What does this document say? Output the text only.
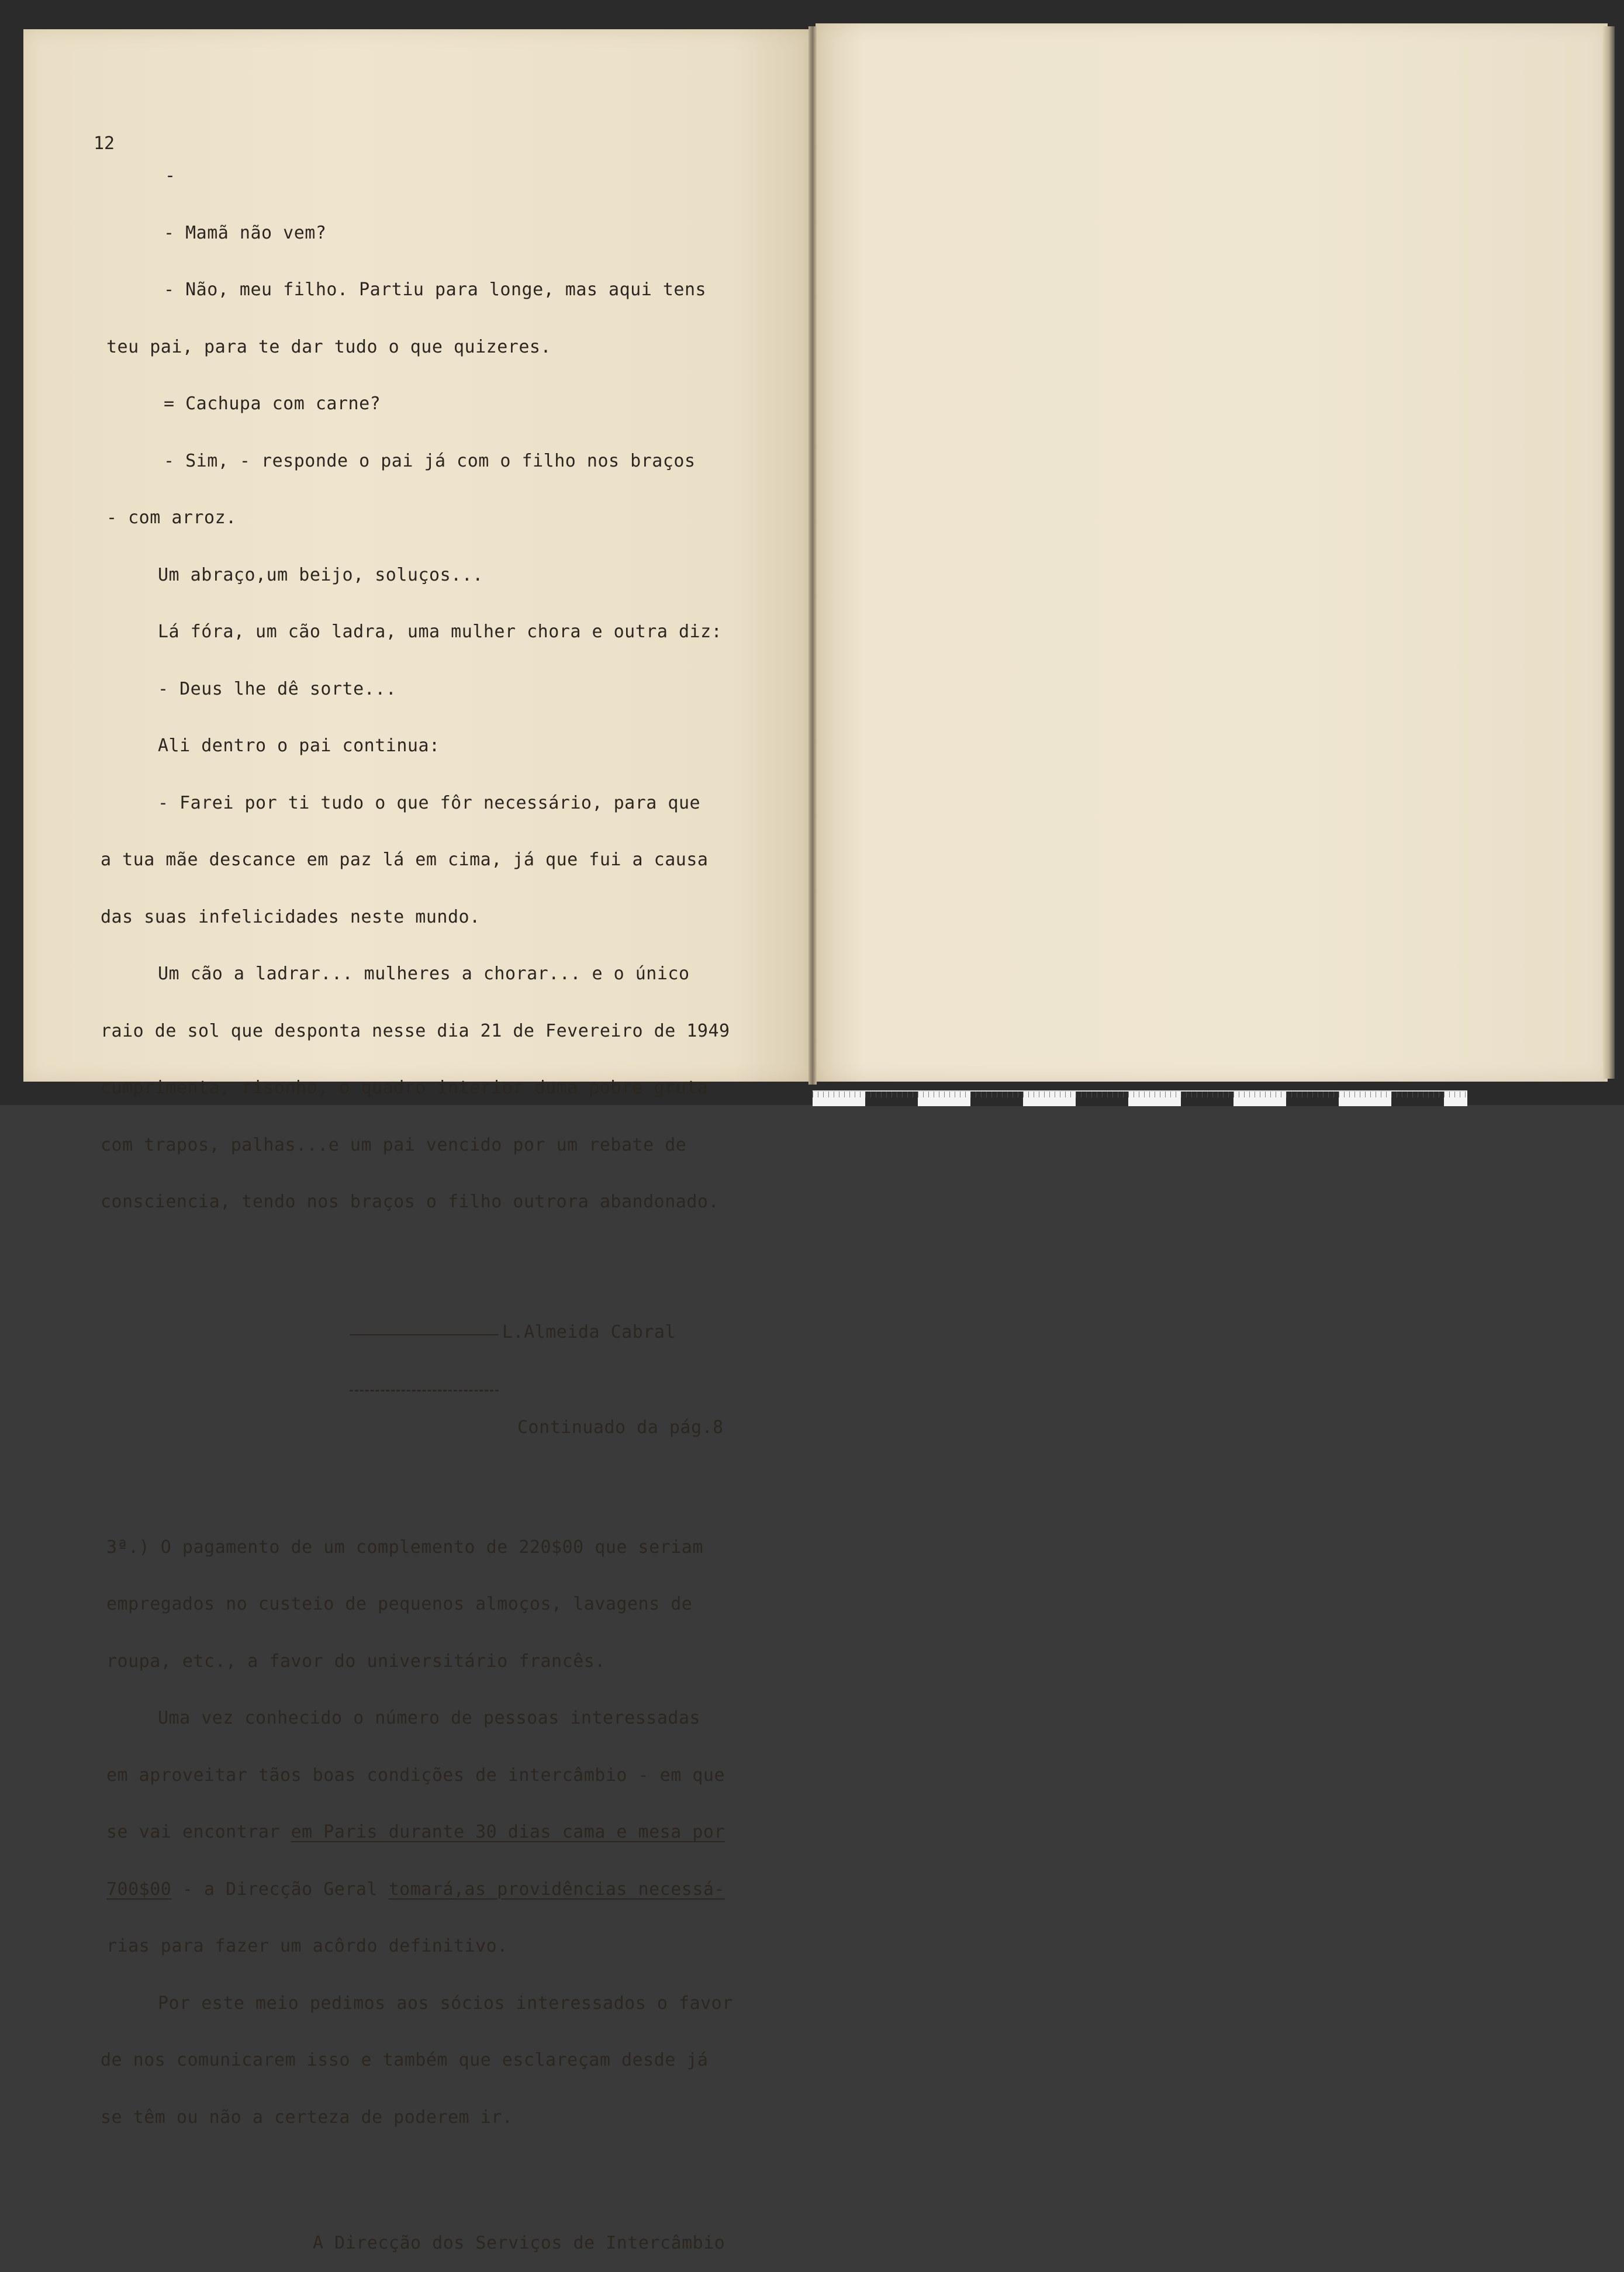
12

-

- Mamã não vem?

- Não, meu filho. Partiu para longe, mas aqui tens

teu pai, para te dar tudo o que quizeres.

= Cachupa com carne?

- Sim, - responde o pai já com o filho nos braços

- com arroz.

Um abraço,um beijo, soluços...

Lá fóra, um cão ladra, uma mulher chora e outra diz:

- Deus lhe dê sorte...

Ali dentro o pai continua:

- Farei por ti tudo o que fôr necessário, para que

a tua mãe descance em paz lá em cima, já que fui a causa

das suas infelicidades neste mundo.

Um cão a ladrar... mulheres a chorar... e o único

raio de sol que desponta nesse dia 21 de Fevereiro de 1949

cumprimenta, risonho, o quadro interior duma pobre gruta

com trapos, palhas...e um pai vencido por um rebate de

consciencia, tendo nos braços o filho outrora abandonado.

L.Almeida Cabral

Continuado da pág.8

3ª.) O pagamento de um complemento de 220$00 que seriam

empregados no custeio de pequenos almoços, lavagens de

roupa, etc., a favor do universitário francês.

Uma vez conhecido o número de pessoas interessadas

em aproveitar tãos boas condições de intercâmbio - em que

se vai encontrar em Paris durante 30 dias cama e mesa por

700$00 - a Direcção Geral tomará,as providências necessá-

rias para fazer um acôrdo definitivo.

Por este meio pedimos aos sócios interessados o favor

de nos comunicarem isso e também que esclareçam desde já

se têm ou não a certeza de poderem ir.

A Direcção dos Serviços de Intercâmbio
